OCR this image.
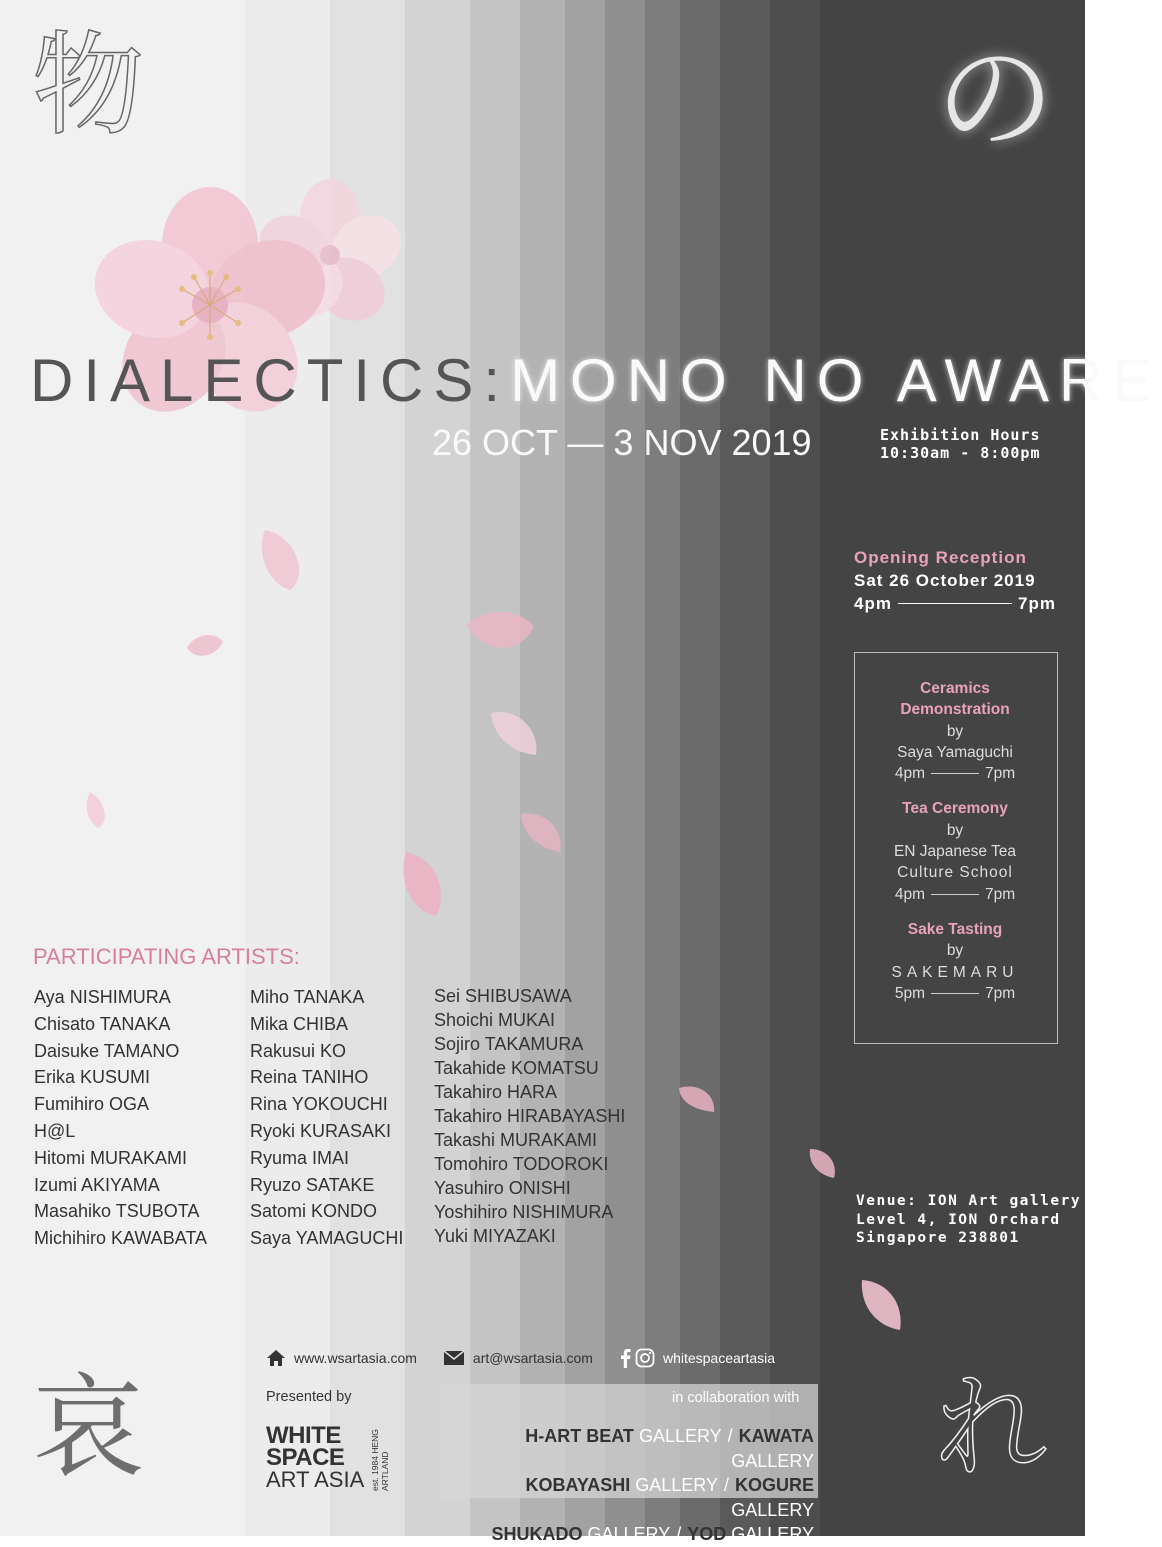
物	の
哀	れ
DIALECTICS:MONO NO AWARE
26 OCT — 3 NOV 2019	Exhibition Hours
10:30am - 8:00pm
Opening Reception
Sat 26 October 2019
4pm	7pm
Ceramics
Demonstration
by
Saya Yamaguchi
4pm	7pm
Tea Ceremony
by
EN Japanese Tea
Culture School
4pm	7pm
Sake Tasting
by
SAKEMARU
5pm	7pm
Venue: ION Art gallery
Level 4, ION Orchard
Singapore 238801
PARTICIPATING ARTISTS:
Aya NISHIMURA
Chisato TANAKA
Daisuke TAMANO
Erika KUSUMI
Fumihiro OGA
H@L
Hitomi MURAKAMI
Izumi AKIYAMA
Masahiko TSUBOTA
Michihiro KAWABATA
Miho TANAKA
Mika CHIBA
Rakusui KO
Reina TANIHO
Rina YOKOUCHI
Ryoki KURASAKI
Ryuma IMAI
Ryuzo SATAKE
Satomi KONDO
Saya YAMAGUCHI
Sei SHIBUSAWA
Shoichi MUKAI
Sojiro TAKAMURA
Takahide KOMATSU
Takahiro HARA
Takahiro HIRABAYASHI
Takashi MURAKAMI
Tomohiro TODOROKI
Yasuhiro ONISHI
Yoshihiro NISHIMURA
Yuki MIYAZAKI
www.wsartasia.com	art@wsartasia.com	whitespaceartasia
Presented by
WHITE
SPACE
ART ASIA est. 1984 HENG ARTLAND
in collaboration with
H-ART BEAT GALLERY / KAWATA GALLERY
KOBAYASHI GALLERY / KOGURE GALLERY
SHUKADO GALLERY / YOD GALLERY
